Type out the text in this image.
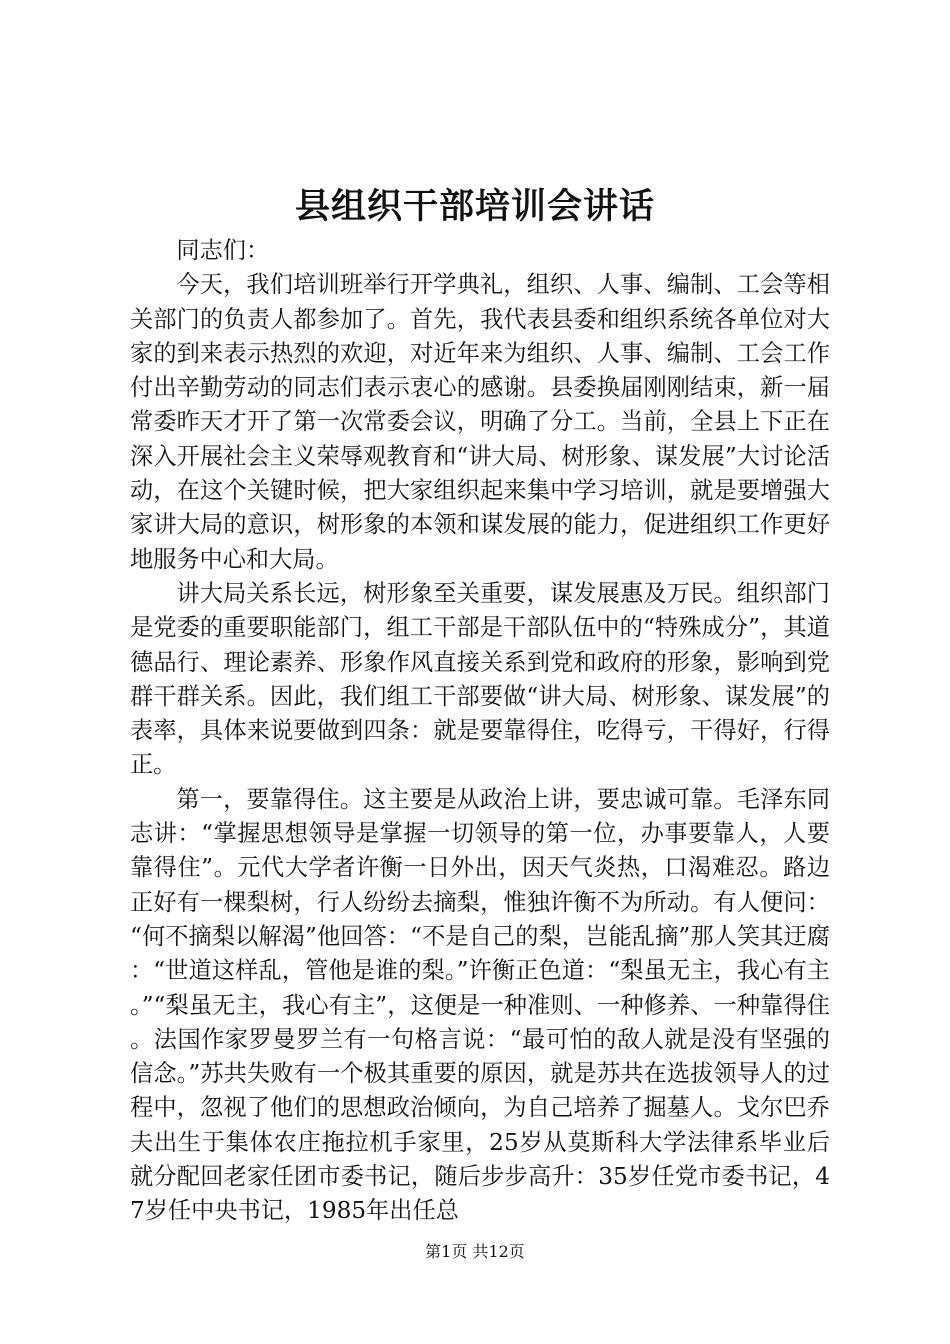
县组织干部培训会讲话

同志们：

今天，我们培训班举行开学典礼，组织、人事、编制、工会等相关部门的负责人都参加了。首先，我代表县委和组织系统各单位对大家的到来表示热烈的欢迎，对近年来为组织、人事、编制、工会工作付出辛勤劳动的同志们表示衷心的感谢。县委换届刚刚结束，新一届常委昨天才开了第一次常委会议，明确了分工。当前，全县上下正在深入开展社会主义荣辱观教育和“讲大局、树形象、谋发展”大讨论活动，在这个关键时候，把大家组织起来集中学习培训，就是要增强大家讲大局的意识，树形象的本领和谋发展的能力，促进组织工作更好地服务中心和大局。

讲大局关系长远，树形象至关重要，谋发展惠及万民。组织部门是党委的重要职能部门，组工干部是干部队伍中的“特殊成分”，其道德品行、理论素养、形象作风直接关系到党和政府的形象，影响到党群干群关系。因此，我们组工干部要做“讲大局、树形象、谋发展”的表率，具体来说要做到四条：就是要靠得住，吃得亏，干得好，行得正。

第一，要靠得住。这主要是从政治上讲，要忠诚可靠。毛泽东同志讲：“掌握思想领导是掌握一切领导的第一位，办事要靠人，人要靠得住”。元代大学者许衡一日外出，因天气炎热，口渴难忍。路边正好有一棵梨树，行人纷纷去摘梨，惟独许衡不为所动。有人便问：“何不摘梨以解渴”他回答：“不是自己的梨，岂能乱摘”那人笑其迂腐：“世道这样乱，管他是谁的梨。”许衡正色道：“梨虽无主，我心有主。”“梨虽无主，我心有主”，这便是一种准则、一种修养、一种靠得住。法国作家罗曼罗兰有一句格言说：“最可怕的敌人就是没有坚强的信念。”苏共失败有一个极其重要的原因，就是苏共在选拔领导人的过程中，忽视了他们的思想政治倾向，为自己培养了掘墓人。戈尔巴乔夫出生于集体农庄拖拉机手家里，25岁从莫斯科大学法律系毕业后就分配回老家任团市委书记，随后步步高升：35岁任党市委书记，47岁任中央书记，1985年出任总

第1页 共12页
